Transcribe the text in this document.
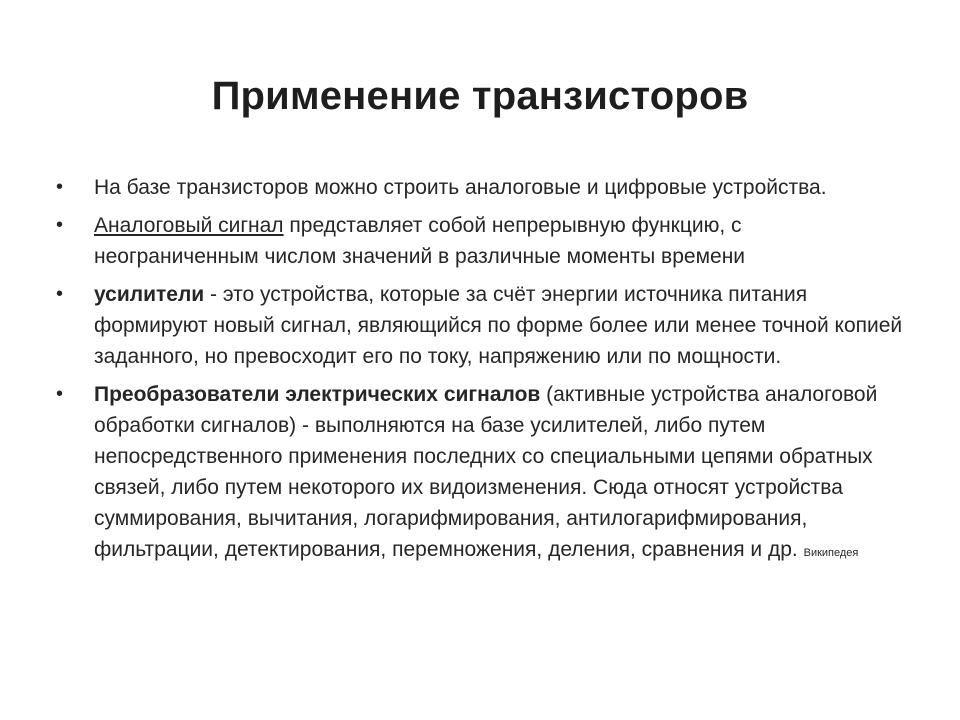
Применение транзисторов
• На базе транзисторов можно строить аналоговые и цифровые устройства.
• Аналоговый сигнал представляет собой непрерывную функцию, с неограниченным числом значений в различные моменты времени
• усилители - это устройства, которые за счёт энергии источника питания формируют новый сигнал, являющийся по форме более или менее точной копией заданного, но превосходит его по току, напряжению или по мощности.
• Преобразователи электрических сигналов (активные устройства аналоговой обработки сигналов) - выполняются на базе усилителей, либо путем непосредственного применения последних со специальными цепями обратных связей, либо путем некоторого их видоизменения. Сюда относят устройства суммирования, вычитания, логарифмирования, антилогарифмирования, фильтрации, детектирования, перемножения, деления, сравнения и др. Википедея
